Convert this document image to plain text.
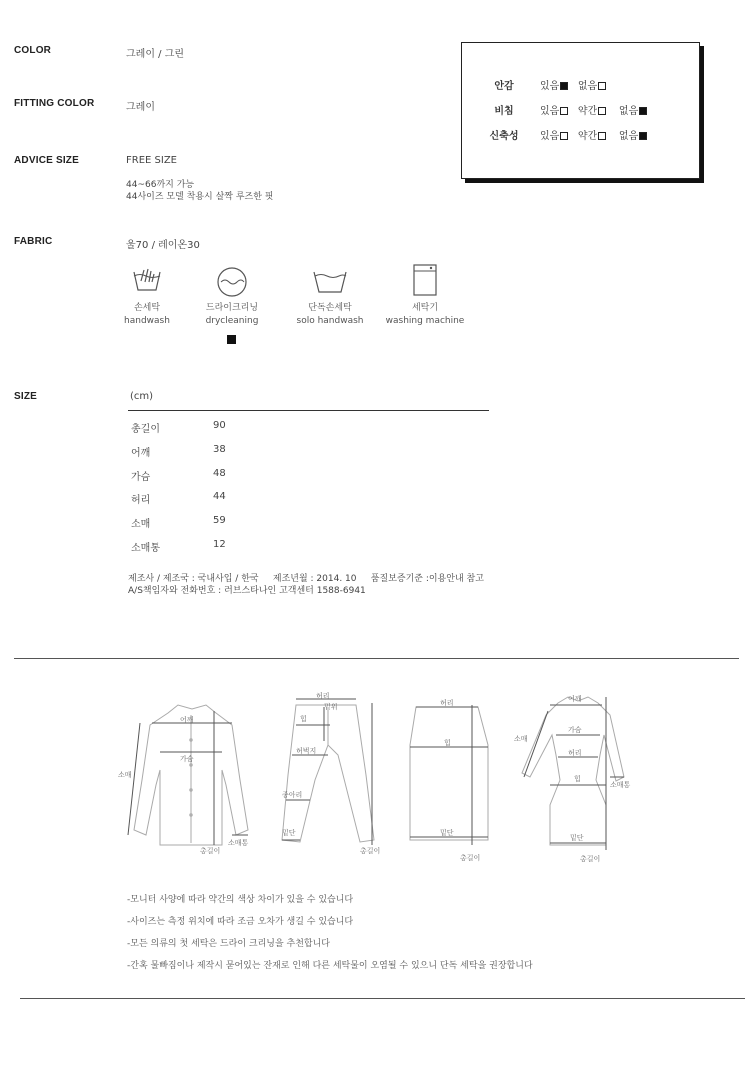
COLOR	그레이 / 그린
FITTING COLOR	그레이
ADVICE SIZE	FREE SIZE
44~66까지 가능
44사이즈 모델 착용시 살짝 루즈한 핏
FABRIC	울70 / 레이온30
안감	있음 없음
비침	있음 약간 없음
신축성	있음 약간 없음
손세탁
handwash
드라이크리닝
drycleaning
단독손세탁
solo handwash
세탁기
washing machine
SIZE	(cm)
총길이	90
어깨	38
가슴	48
허리	44
소매	59
소매통	12
제조사 / 제조국 : 국내사입 / 한국     제조년월 : 2014. 10     품질보증기준 :이용안내 참고
A/S책임자와 전화번호 : 러브스타나인 고객센터 1588-6941
어깨
가슴
소매
소매통
총길이
허리
밑위
힙
허벅지
종아리
밑단
총길이
허리
힙
밑단
총길이
어깨
소매
가슴
허리
힙
소매통
밑단
총길이
-모니터 사양에 따라 약간의 색상 차이가 있을 수 있습니다
-사이즈는 측정 위치에 따라 조금 오차가 생길 수 있습니다
-모든 의류의 첫 세탁은 드라이 크리닝을 추천합니다
-간혹 물빠짐이나 제작시 묻어있는 잔재로 인해 다른 세탁물이 오염될 수 있으니 단독 세탁을 권장합니다
